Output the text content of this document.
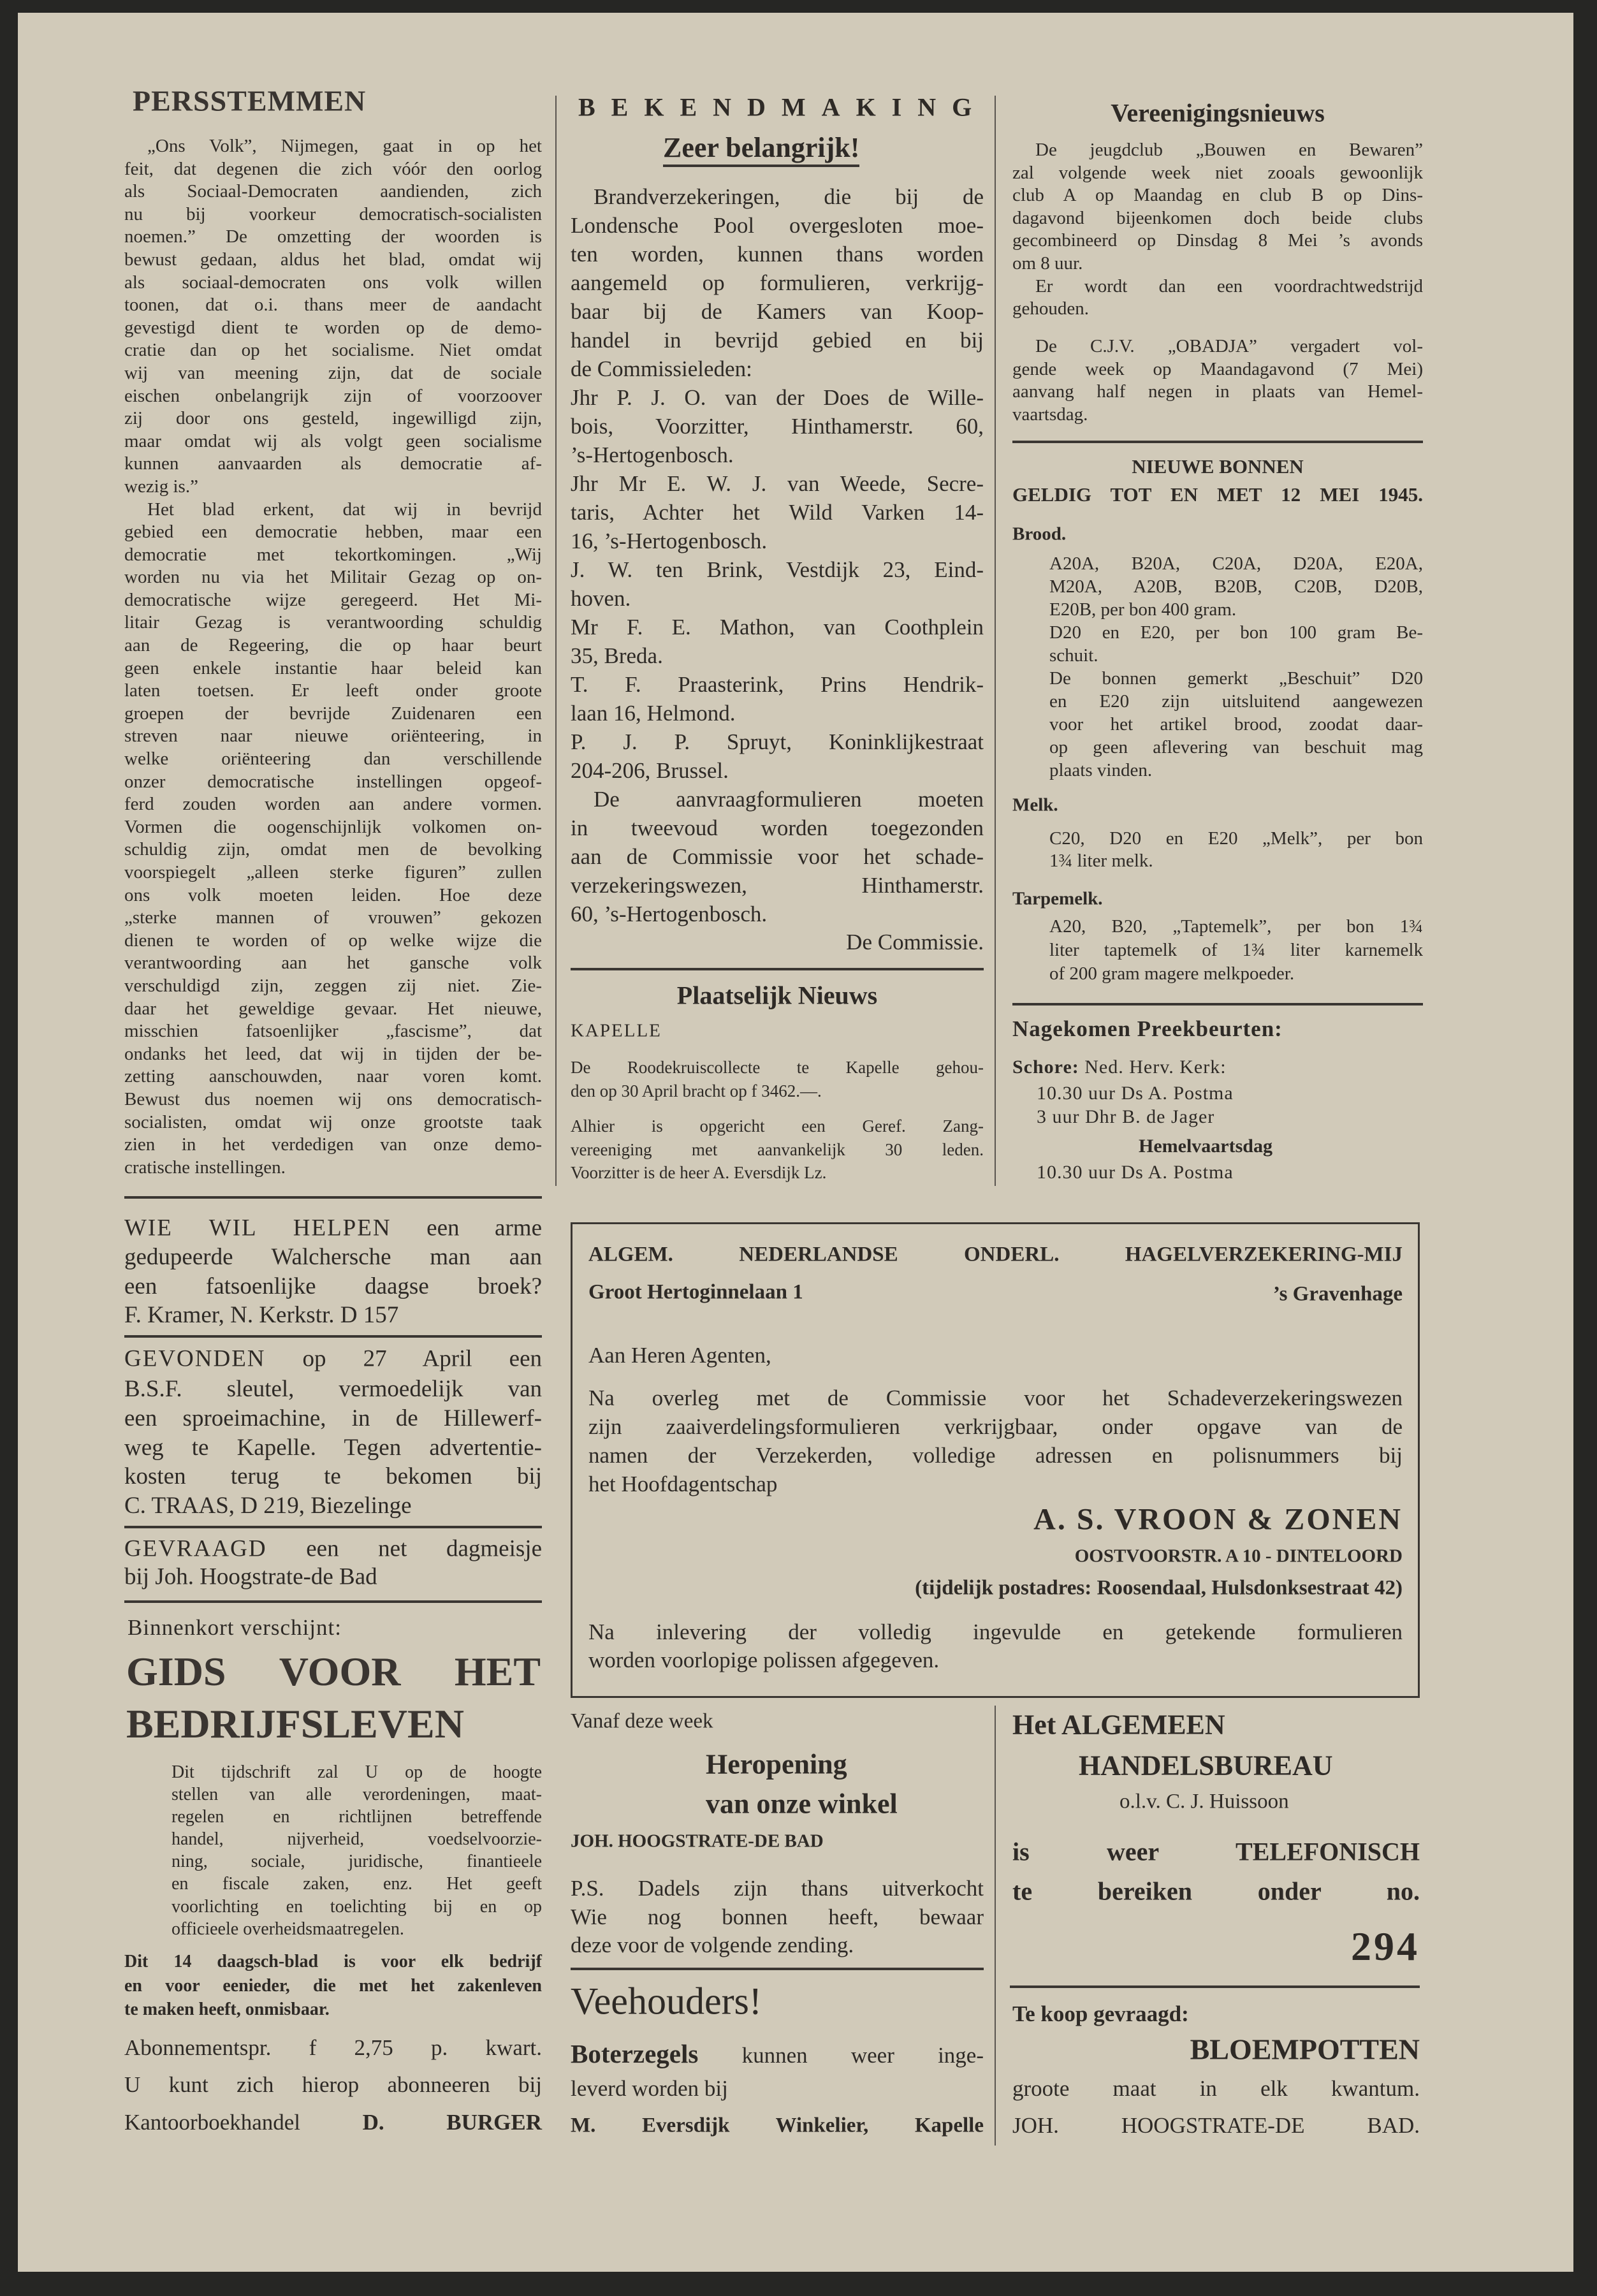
PERSSTEMMEN
„Ons Volk”, Nijmegen, gaat in op het
feit, dat degenen die zich vóór den oorlog
als Sociaal-Democraten aandienden, zich
nu bij voorkeur democratisch-socialisten
noemen.” De omzetting der woorden is
bewust gedaan, aldus het blad, omdat wij
als sociaal-democraten ons volk willen
toonen, dat o.i. thans meer de aandacht
gevestigd dient te worden op de demo-
cratie dan op het socialisme. Niet omdat
wij van meening zijn, dat de sociale
eischen onbelangrijk zijn of voorzoover
zij door ons gesteld, ingewilligd zijn,
maar omdat wij als volgt geen socialisme
kunnen aanvaarden als democratie af-
wezig is.”
Het blad erkent, dat wij in bevrijd
gebied een democratie hebben, maar een
democratie met tekortkomingen. „Wij
worden nu via het Militair Gezag op on-
democratische wijze geregeerd. Het Mi-
litair Gezag is verantwoording schuldig
aan de Regeering, die op haar beurt
geen enkele instantie haar beleid kan
laten toetsen. Er leeft onder groote
groepen der bevrijde Zuidenaren een
streven naar nieuwe oriënteering, in
welke oriënteering dan verschillende
onzer democratische instellingen opgeof-
ferd zouden worden aan andere vormen.
Vormen die oogenschijnlijk volkomen on-
schuldig zijn, omdat men de bevolking
voorspiegelt „alleen sterke figuren” zullen
ons volk moeten leiden. Hoe deze
„sterke mannen of vrouwen” gekozen
dienen te worden of op welke wijze die
verantwoording aan het gansche volk
verschuldigd zijn, zeggen zij niet. Zie-
daar het geweldige gevaar. Het nieuwe,
misschien fatsoenlijker „fascisme”, dat
ondanks het leed, dat wij in tijden der be-
zetting aanschouwden, naar voren komt.
Bewust dus noemen wij ons democratisch-
socialisten, omdat wij onze grootste taak
zien in het verdedigen van onze demo-
cratische instellingen.
BEKENDMAKING
Zeer belangrijk!
Brandverzekeringen, die bij de
Londensche Pool overgesloten moe-
ten worden, kunnen thans worden
aangemeld op formulieren, verkrijg-
baar bij de Kamers van Koop-
handel in bevrijd gebied en bij
de Commissieleden:
Jhr P. J. O. van der Does de Wille-
bois, Voorzitter, Hinthamerstr. 60,
’s-Hertogenbosch.
Jhr Mr E. W. J. van Weede, Secre-
taris, Achter het Wild Varken 14-
16, ’s-Hertogenbosch.
J. W. ten Brink, Vestdijk 23, Eind-
hoven.
Mr F. E. Mathon, van Coothplein
35, Breda.
T. F. Praasterink, Prins Hendrik-
laan 16, Helmond.
P. J. P. Spruyt, Koninklijkestraat
204-206, Brussel.
De aanvraagformulieren moeten
in tweevoud worden toegezonden
aan de Commissie voor het schade-
verzekeringswezen, Hinthamerstr.
60, ’s-Hertogenbosch.
De Commissie.
Plaatselijk Nieuws
KAPELLE
De Roodekruiscollecte te Kapelle gehou-
den op 30 April bracht op f 3462.—.
Alhier is opgericht een Geref. Zang-
vereeniging met aanvankelijk 30 leden.
Voorzitter is de heer A. Eversdijk Lz.
Vereenigingsnieuws
De jeugdclub „Bouwen en Bewaren”
zal volgende week niet zooals gewoonlijk
club A op Maandag en club B op Dins-
dagavond bijeenkomen doch beide clubs
gecombineerd op Dinsdag 8 Mei ’s avonds
om 8 uur.
Er wordt dan een voordrachtwedstrijd
gehouden.
De C.J.V. „OBADJA” vergadert vol-
gende week op Maandagavond (7 Mei)
aanvang half negen in plaats van Hemel-
vaartsdag.
NIEUWE BONNEN
GELDIG TOT EN MET 12 MEI 1945.
Brood.
A20A, B20A, C20A, D20A, E20A,
M20A, A20B, B20B, C20B, D20B,
E20B, per bon 400 gram.
D20 en E20, per bon 100 gram Be-
schuit.
De bonnen gemerkt „Beschuit” D20
en E20 zijn uitsluitend aangewezen
voor het artikel brood, zoodat daar-
op geen aflevering van beschuit mag
plaats vinden.
Melk.
C20, D20 en E20 „Melk”, per bon
1¾ liter melk.
Tarpemelk.
A20, B20, „Taptemelk”, per bon 1¾
liter taptemelk of 1¾ liter karnemelk
of 200 gram magere melkpoeder.
Nagekomen Preekbeurten:
Schore: Ned. Herv. Kerk:
10.30 uur Ds A. Postma
3 uur Dhr B. de Jager
Hemelvaartsdag
10.30 uur Ds A. Postma
WIE WIL HELPEN een arme
gedupeerde Walchersche man aan
een fatsoenlijke daagse broek?
F. Kramer, N. Kerkstr. D 157
GEVONDEN op 27 April een
B.S.F. sleutel, vermoedelijk van
een sproeimachine, in de Hillewerf-
weg te Kapelle. Tegen advertentie-
kosten terug te bekomen bij
C. TRAAS, D 219, Biezelinge
GEVRAAGD een net dagmeisje
bij Joh. Hoogstrate-de Bad
Binnenkort verschijnt:
GIDS VOOR HET
BEDRIJFSLEVEN
Dit tijdschrift zal U op de hoogte
stellen van alle verordeningen, maat-
regelen en richtlijnen betreffende
handel, nijverheid, voedselvoorzie-
ning, sociale, juridische, finantieele
en fiscale zaken, enz. Het geeft
voorlichting en toelichting bij en op
officieele overheidsmaatregelen.
Dit 14 daagsch-blad is voor elk bedrijf
en voor eenieder, die met het zakenleven
te maken heeft, onmisbaar.
Abonnementspr. f 2,75 p. kwart.
U kunt zich hierop abonneeren bij
Kantoorboekhandel D. BURGER
ALGEM. NEDERLANDSE ONDERL. HAGELVERZEKERING-MIJ
Groot Hertoginnelaan 1	’s Gravenhage
Aan Heren Agenten,
Na overleg met de Commissie voor het Schadeverzekeringswezen
zijn zaaiverdelingsformulieren verkrijgbaar, onder opgave van de
namen der Verzekerden, volledige adressen en polisnummers bij
het Hoofdagentschap
A. S. VROON & ZONEN
OOSTVOORSTR. A 10 - DINTELOORD
(tijdelijk postadres: Roosendaal, Hulsdonksestraat 42)
Na inlevering der volledig ingevulde en getekende formulieren
worden voorlopige polissen afgegeven.
Vanaf deze week
Heropening
van onze winkel
JOH. HOOGSTRATE-DE BAD
P.S. Dadels zijn thans uitverkocht
Wie nog bonnen heeft, bewaar
deze voor de volgende zending.
Veehouders!
Boterzegels kunnen weer inge-
leverd worden bij
M. Eversdijk Winkelier, Kapelle
Het ALGEMEEN
HANDELSBUREAU
o.l.v. C. J. Huissoon
is weer TELEFONISCH
te bereiken onder no.
294
Te koop gevraagd:
BLOEMPOTTEN
groote maat in elk kwantum.
JOH. HOOGSTRATE-DE BAD.
